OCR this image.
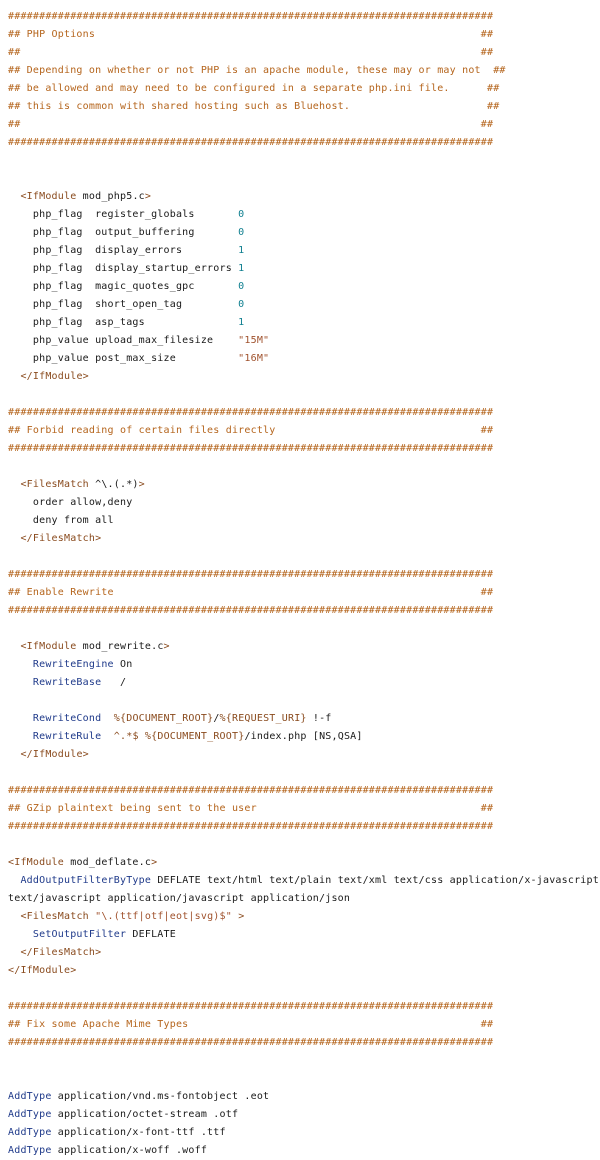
##############################################################################
## PHP Options                                                              ##
##                                                                          ##
## Depending on whether or not PHP is an apache module, these may or may not  ##
## be allowed and may need to be configured in a separate php.ini file.      ##
## this is common with shared hosting such as Bluehost.                      ##
##                                                                          ##
##############################################################################

<IfModule mod_php5.c>
php_flag  register_globals       0
php_flag  output_buffering       0
php_flag  display_errors         1
php_flag  display_startup_errors 1
php_flag  magic_quotes_gpc       0
php_flag  short_open_tag         0
php_flag  asp_tags               1
php_value upload_max_filesize    "15M"
php_value post_max_size          "16M"
</IfModule>

##############################################################################
## Forbid reading of certain files directly                                 ##
##############################################################################

<FilesMatch ^\.(.*)>
order allow,deny
deny from all
</FilesMatch>

##############################################################################
## Enable Rewrite                                                           ##
##############################################################################

<IfModule mod_rewrite.c>
RewriteEngine On
RewriteBase   /

RewriteCond %{DOCUMENT_ROOT}/%{REQUEST_URI} !-f
RewriteRule ^.*$ %{DOCUMENT_ROOT}/index.php [NS,QSA]
</IfModule>

##############################################################################
## GZip plaintext being sent to the user                                    ##
##############################################################################

<IfModule mod_deflate.c>
AddOutputFilterByType DEFLATE text/html text/plain text/xml text/css application/x-javascript
text/javascript application/javascript application/json
<FilesMatch "\.(ttf|otf|eot|svg)$" >
SetOutputFilter DEFLATE
</FilesMatch>
</IfModule>

##############################################################################
## Fix some Apache Mime Types                                               ##
##############################################################################

AddType application/vnd.ms-fontobject .eot
AddType application/octet-stream .otf
AddType application/x-font-ttf .ttf
AddType application/x-woff .woff
